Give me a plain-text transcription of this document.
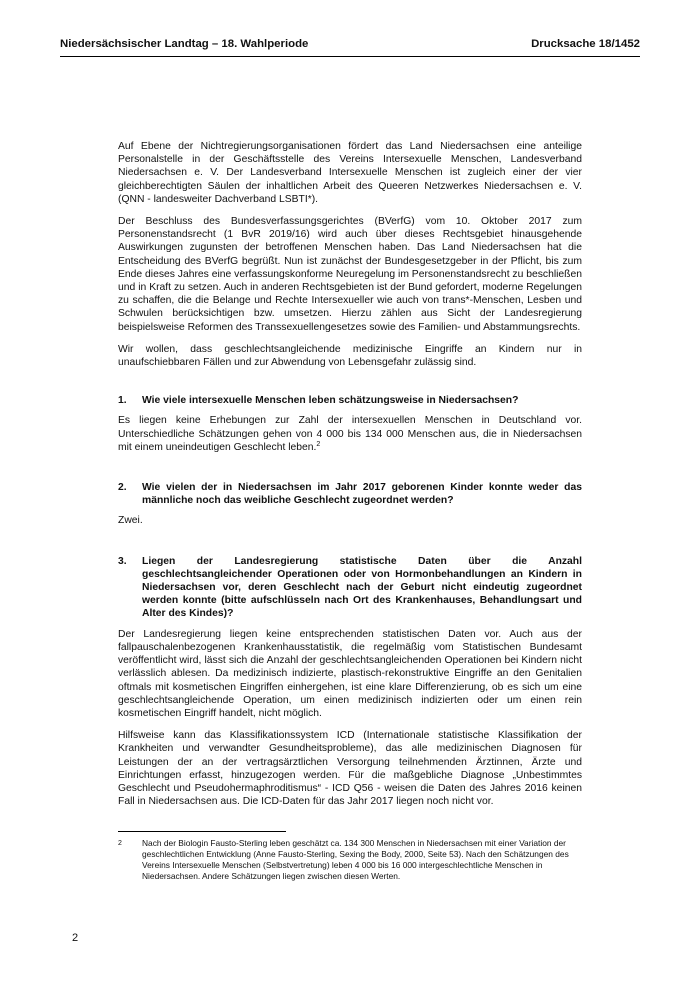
Niedersächsischer Landtag – 18. Wahlperiode	Drucksache 18/1452

Auf Ebene der Nichtregierungsorganisationen fördert das Land Niedersachsen eine anteilige Personalstelle in der Geschäftsstelle des Vereins Intersexuelle Menschen, Landesverband Niedersachsen e. V. Der Landesverband Intersexuelle Menschen ist zugleich einer der vier gleichberechtigten Säulen der inhaltlichen Arbeit des Queeren Netzwerkes Niedersachsen e. V. (QNN - landesweiter Dachverband LSBTI*).

Der Beschluss des Bundesverfassungsgerichtes (BVerfG) vom 10. Oktober 2017 zum Personenstandsrecht (1 BvR 2019/16) wird auch über dieses Rechtsgebiet hinausgehende Auswirkungen zugunsten der betroffenen Menschen haben. Das Land Niedersachsen hat die Entscheidung des BVerfG begrüßt. Nun ist zunächst der Bundesgesetzgeber in der Pflicht, bis zum Ende dieses Jahres eine verfassungskonforme Neuregelung im Personenstandsrecht zu beschließen und in Kraft zu setzen. Auch in anderen Rechtsgebieten ist der Bund gefordert, moderne Regelungen zu schaffen, die die Belange und Rechte Intersexueller wie auch von trans*-Menschen, Lesben und Schwulen berücksichtigen bzw. umsetzen. Hierzu zählen aus Sicht der Landesregierung beispielsweise Reformen des Transsexuellengesetzes sowie des Familien- und Abstammungsrechts.

Wir wollen, dass geschlechtsangleichende medizinische Eingriffe an Kindern nur in unaufschiebbaren Fällen und zur Abwendung von Lebensgefahr zulässig sind.

1.	Wie viele intersexuelle Menschen leben schätzungsweise in Niedersachsen?

Es liegen keine Erhebungen zur Zahl der intersexuellen Menschen in Deutschland vor. Unterschiedliche Schätzungen gehen von 4 000 bis 134 000 Menschen aus, die in Niedersachsen mit einem uneindeutigen Geschlecht leben.$^2$

2.	Wie vielen der in Niedersachsen im Jahr 2017 geborenen Kinder konnte weder das männliche noch das weibliche Geschlecht zugeordnet werden?

Zwei.

3.	Liegen der Landesregierung statistische Daten über die Anzahl geschlechtsangleichender Operationen oder von Hormonbehandlungen an Kindern in Niedersachsen vor, deren Geschlecht nach der Geburt nicht eindeutig zugeordnet werden konnte (bitte aufschlüsseln nach Ort des Krankenhauses, Behandlungsart und Alter des Kindes)?

Der Landesregierung liegen keine entsprechenden statistischen Daten vor. Auch aus der fallpauschalenbezogenen Krankenhausstatistik, die regelmäßig vom Statistischen Bundesamt veröffentlicht wird, lässt sich die Anzahl der geschlechtsangleichenden Operationen bei Kindern nicht verlässlich ablesen. Da medizinisch indizierte, plastisch-rekonstruktive Eingriffe an den Genitalien oftmals mit kosmetischen Eingriffen einhergehen, ist eine klare Differenzierung, ob es sich um eine geschlechtsangleichende Operation, um einen medizinisch indizierten oder um einen rein kosmetischen Eingriff handelt, nicht möglich.

Hilfsweise kann das Klassifikationssystem ICD (Internationale statistische Klassifikation der Krankheiten und verwandter Gesundheitsprobleme), das alle medizinischen Diagnosen für Leistungen der an der vertragsärztlichen Versorgung teilnehmenden Ärztinnen, Ärzte und Einrichtungen erfasst, hinzugezogen werden. Für die maßgebliche Diagnose „Unbestimmtes Geschlecht und Pseudohermaphroditismus“ - ICD Q56 - weisen die Daten des Jahres 2016 keinen Fall in Niedersachsen aus. Die ICD-Daten für das Jahr 2017 liegen noch nicht vor.

2	Nach der Biologin Fausto-Sterling leben geschätzt ca. 134 300 Menschen in Niedersachsen mit einer Variation der geschlechtlichen Entwicklung (Anne Fausto-Sterling, Sexing the Body, 2000, Seite 53). Nach den Schätzungen des Vereins Intersexuelle Menschen (Selbstvertretung) leben 4 000 bis 16 000 intergeschlechtliche Menschen in Niedersachsen. Andere Schätzungen liegen zwischen diesen Werten.
2
